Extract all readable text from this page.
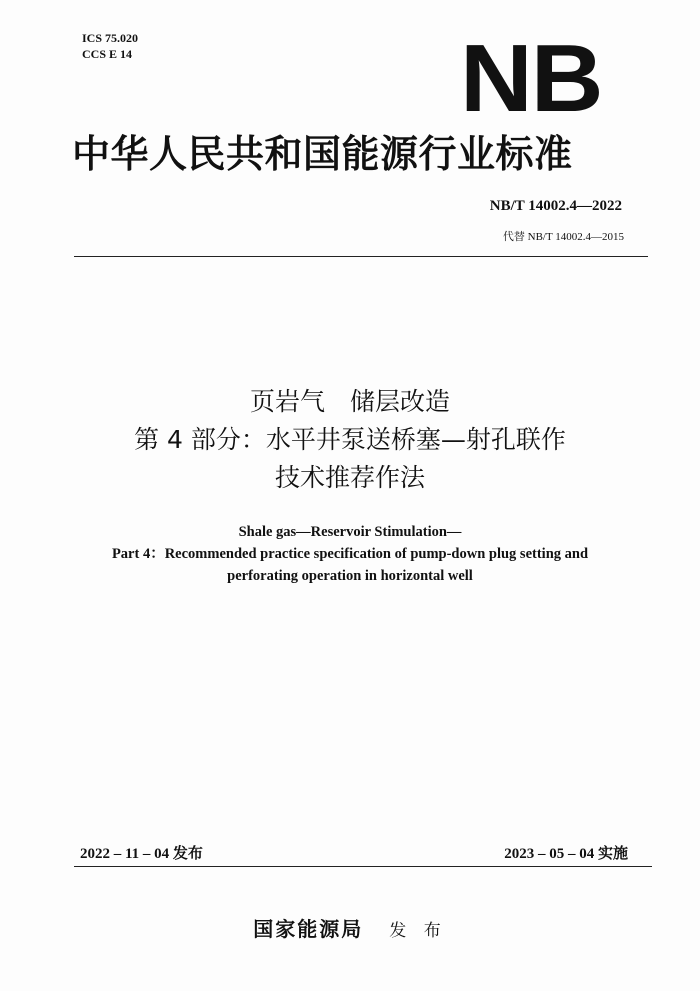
ICS 75.020
CCS E 14	NB
中华人民共和国能源行业标准
NB/T 14002.4—2022
代替 NB/T 14002.4—2015
页岩气　储层改造
第 4 部分：水平井泵送桥塞—射孔联作
技术推荐作法
Shale gas—Reservoir Stimulation—
Part 4：Recommended practice specification of pump-down plug setting and
perforating operation in horizontal well
2022 – 11 – 04 发布	2023 – 05 – 04 实施
国家能源局 发 布
